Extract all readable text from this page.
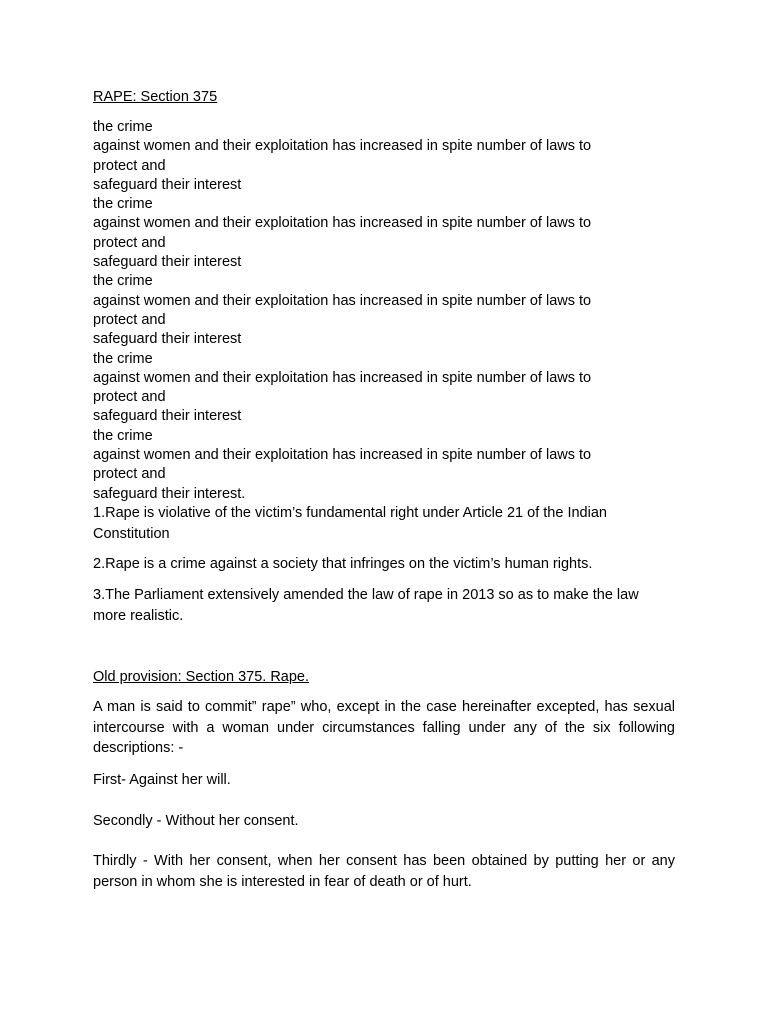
RAPE: Section 375
the crime
against women and their exploitation has increased in spite number of laws to
protect and
safeguard their interest
the crime
against women and their exploitation has increased in spite number of laws to
protect and
safeguard their interest
the crime
against women and their exploitation has increased in spite number of laws to
protect and
safeguard their interest
the crime
against women and their exploitation has increased in spite number of laws to
protect and
safeguard their interest
the crime
against women and their exploitation has increased in spite number of laws to
protect and
safeguard their interest.
1.Rape is violative of the victim’s fundamental right under Article 21 of the Indian Constitution
2.Rape is a crime against a society that infringes on the victim’s human rights.
3.The Parliament extensively amended the law of rape in 2013 so as to make the law more realistic.
Old provision: Section 375. Rape.
A man is said to commit” rape” who, except in the case hereinafter excepted, has sexual intercourse with a woman under circumstances falling under any of the six following descriptions: -
First- Against her will.
Secondly - Without her consent.
Thirdly - With her consent, when her consent has been obtained by putting her or any person in whom she is interested in fear of death or of hurt.
